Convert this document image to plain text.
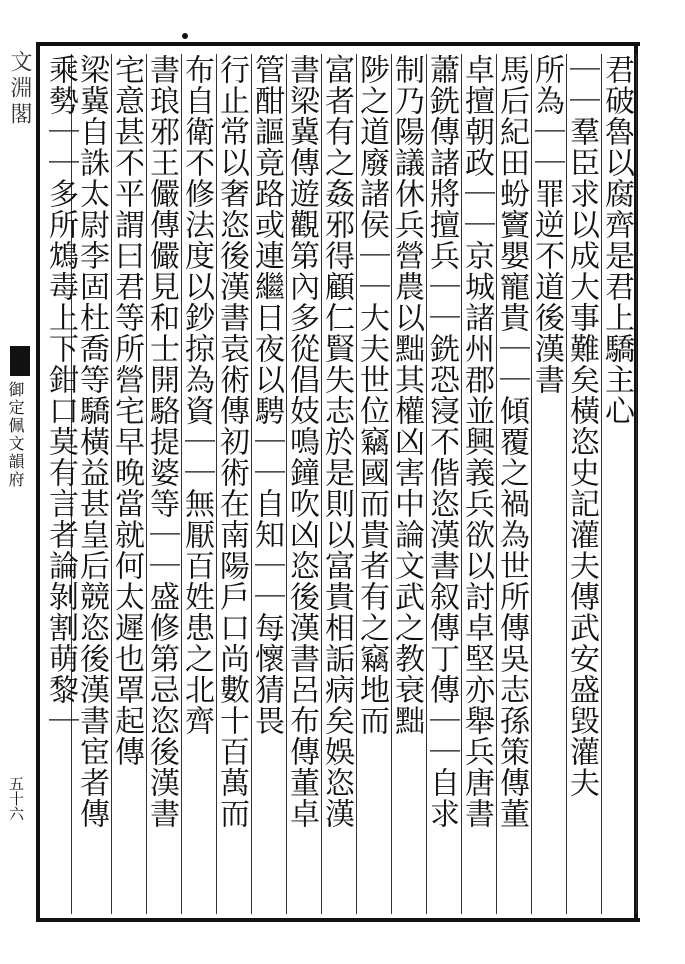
文淵閣
御定佩文韻府
五十六
君破魯以腐齊是君上驕主心
｜｜羣臣求以成大事難矣橫恣史記灌夫傳武安盛毀灌夫
所為｜｜罪逆不道後漢書
馬后紀田蚡竇嬰寵貴｜｜傾覆之禍為世所傳吳志孫策傳董
卓擅朝政｜｜京城諸州郡並興義兵欲以討卓堅亦舉兵唐書
蕭銑傳諸將擅兵｜｜銑恐寖不偕恣漢書叙傳丁傳｜｜自求
制乃陽議休兵營農以黜其權凶害中論文武之教衰黜
陟之道廢諸侯｜｜大夫世位竊國而貴者有之竊地而
富者有之姦邪得顧仁賢失志於是則以富貴相詬病矣娛恣漢
書梁冀傳遊觀第內多從倡妓鳴鐘吹凶恣後漢書呂布傳董卓
管酣謳竟路或連繼日夜以騁｜｜自知｜｜每懷猜畏
行止常以奢恣後漢書袁術傳初術在南陽戶口尚數十百萬而
布自衛不修法度以鈔掠為資｜｜無厭百姓患之北齊
書琅邪王儼傳儼見和士開駱提婆等｜｜盛修第忌恣後漢書
宅意甚不平謂曰君等所營宅早晚當就何太遲也罩起傳
梁冀自誅太尉李固杜喬等驕橫益甚皇后競恣後漢書宦者傳
乘勢｜｜多所鴆毒上下鉗口莫有言者論剝割萌黎｜
